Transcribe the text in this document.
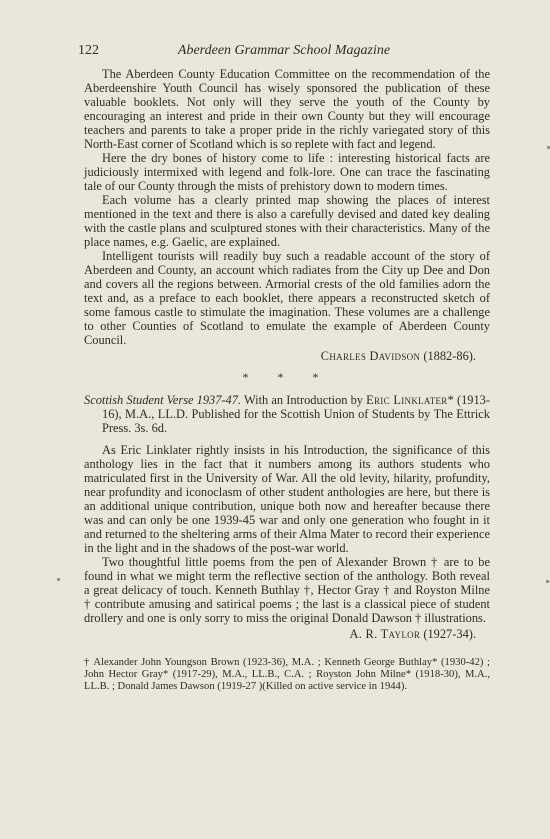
122	Aberdeen Grammar School Magazine

The Aberdeen County Education Committee on the recommendation of the Aberdeenshire Youth Council has wisely sponsored the publication of these valuable booklets. Not only will they serve the youth of the County by encouraging an interest and pride in their own County but they will encourage teachers and parents to take a proper pride in the richly variegated story of this North-East corner of Scotland which is so replete with fact and legend.

Here the dry bones of history come to life : interesting historical facts are judiciously intermixed with legend and folk-lore. One can trace the fascinating tale of our County through the mists of prehistory down to modern times.

Each volume has a clearly printed map showing the places of interest mentioned in the text and there is also a carefully devised and dated key dealing with the castle plans and sculptured stones with their characteristics. Many of the place names, e.g. Gaelic, are explained.

Intelligent tourists will readily buy such a readable account of the story of Aberdeen and County, an account which radiates from the City up Dee and Don and covers all the regions between. Armorial crests of the old families adorn the text and, as a preface to each booklet, there appears a reconstructed sketch of some famous castle to stimulate the imagination. These volumes are a challenge to other Counties of Scotland to emulate the example of Aberdeen County Council.

Charles Davidson (1882-86).
* * *
Scottish Student Verse 1937-47. With an Introduction by Eric Linklater* (1913-16), M.A., LL.D. Published for the Scottish Union of Students by The Ettrick Press. 3s. 6d.

As Eric Linklater rightly insists in his Introduction, the significance of this anthology lies in the fact that it numbers among its authors students who matriculated first in the University of War. All the old levity, hilarity, profundity, near profundity and iconoclasm of other student anthologies are here, but there is an additional unique contribution, unique both now and hereafter because there was and can only be one 1939-45 war and only one generation who fought in it and returned to the sheltering arms of their Alma Mater to record their experience in the light and in the shadows of the post-war world.

Two thoughtful little poems from the pen of Alexander Brown † are to be found in what we might term the reflective section of the anthology. Both reveal a great delicacy of touch. Kenneth Buthlay †, Hector Gray † and Royston Milne † contribute amusing and satirical poems ; the last is a classical piece of student drollery and one is only sorry to miss the original Donald Dawson † illustrations.

A. R. Taylor (1927-34).

† Alexander John Youngson Brown (1923-36), M.A. ; Kenneth George Buthlay* (1930-42) ; John Hector Gray* (1917-29), M.A., LL.B., C.A. ; Royston John Milne* (1918-30), M.A., LL.B. ; Donald James Dawson (1919-27 )(Killed on active service in 1944).
